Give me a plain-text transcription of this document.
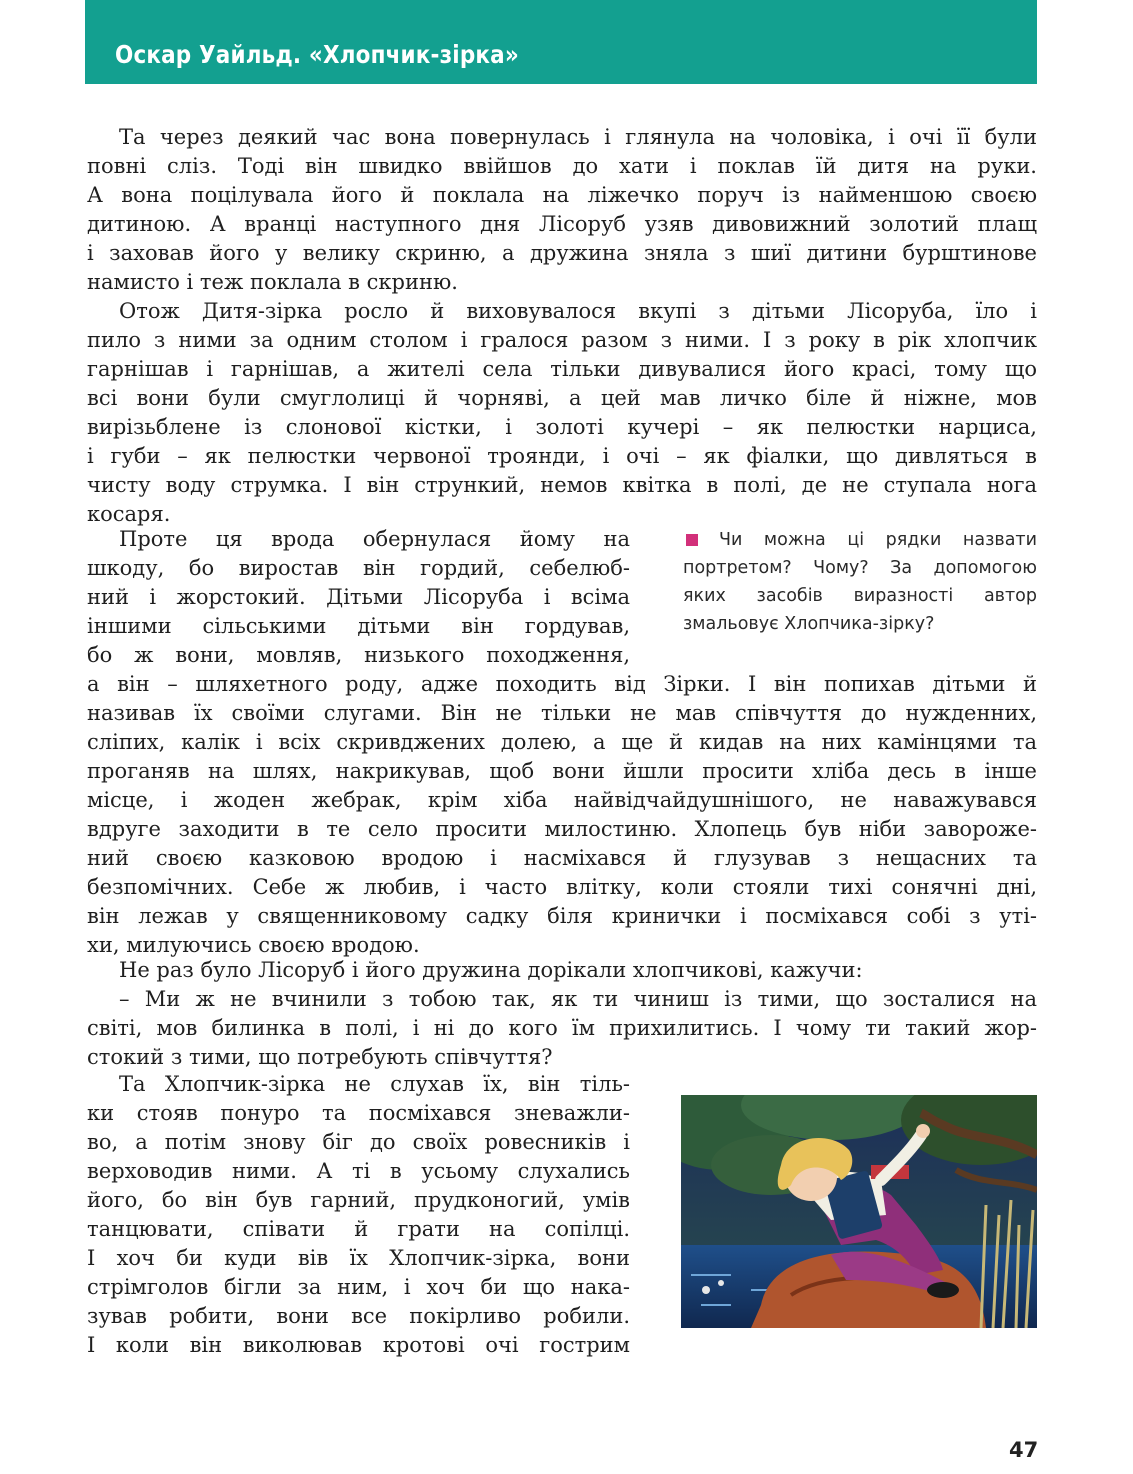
Оскар Уайльд. «Хлопчик-зірка»
Та через деякий час вона повернулась і глянула на чоловіка, і очі її були
повні сліз. Тоді він швидко ввійшов до хати і поклав їй дитя на руки.
А вона поцілувала його й поклала на ліжечко поруч із найменшою своєю
дитиною. А вранці наступного дня Лісоруб узяв дивовижний золотий плащ
і заховав його у велику скриню, а дружина зняла з шиї дитини бурштинове
намисто і теж поклала в скриню.
Отож Дитя-зірка росло й виховувалося вкупі з дітьми Лісоруба, їло і
пило з ними за одним столом і гралося разом з ними. І з року в рік хлопчик
гарнішав і гарнішав, а жителі села тільки дивувалися його красі, тому що
всі вони були смуглолиці й чорняві, а цей мав личко біле й ніжне, мов
вирізьблене із слонової кістки, і золоті кучері – як пелюстки нарциса,
і губи – як пелюстки червоної троянди, і очі – як фіалки, що дивляться в
чисту воду струмка. І він стрункий, немов квітка в полі, де не ступала нога
косаря.
Проте ця врода обернулася йому на
шкоду, бо виростав він гордий, себелюб-
ний і жорстокий. Дітьми Лісоруба і всіма
іншими сільськими дітьми він гордував,
бо ж вони, мовляв, низького походження,
а він – шляхетного роду, адже походить від Зірки. І він попихав дітьми й
називав їх своїми слугами. Він не тільки не мав співчуття до нужденних,
сліпих, калік і всіх скривджених долею, а ще й кидав на них камінцями та
проганяв на шлях, накрикував, щоб вони йшли просити хліба десь в інше
місце, і жоден жебрак, крім хіба найвідчайдушнішого, не наважувався
вдруге заходити в те село просити милостиню. Хлопець був ніби завороже-
ний своєю казковою вродою і насміхався й глузував з нещасних та
безпомічних. Себе ж любив, і часто влітку, коли стояли тихі сонячні дні,
він лежав у священниковому садку біля кринички і посміхався собі з уті-
хи, милуючись своєю вродою.
Не раз було Лісоруб і його дружина дорікали хлопчикові, кажучи:
– Ми ж не вчинили з тобою так, як ти чиниш із тими, що зосталися на
світі, мов билинка в полі, і ні до кого їм прихилитись. І чому ти такий жор-
стокий з тими, що потребують співчуття?
Та Хлопчик-зірка не слухав їх, він тіль-
ки стояв понуро та посміхався зневажли-
во, а потім знову біг до своїх ровесників і
верховодив ними. А ті в усьому слухались
його, бо він був гарний, прудконогий, умів
танцювати, співати й грати на сопілці.
І хоч би куди вів їх Хлопчик-зірка, вони
стрімголов бігли за ним, і хоч би що нака-
зував робити, вони все покірливо робили.
І коли він виколював кротові очі гострим
Чи можна ці рядки назвати
портретом? Чому? За допомогою
яких засобів виразності автор
змальовує Хлопчика-зірку?
47
